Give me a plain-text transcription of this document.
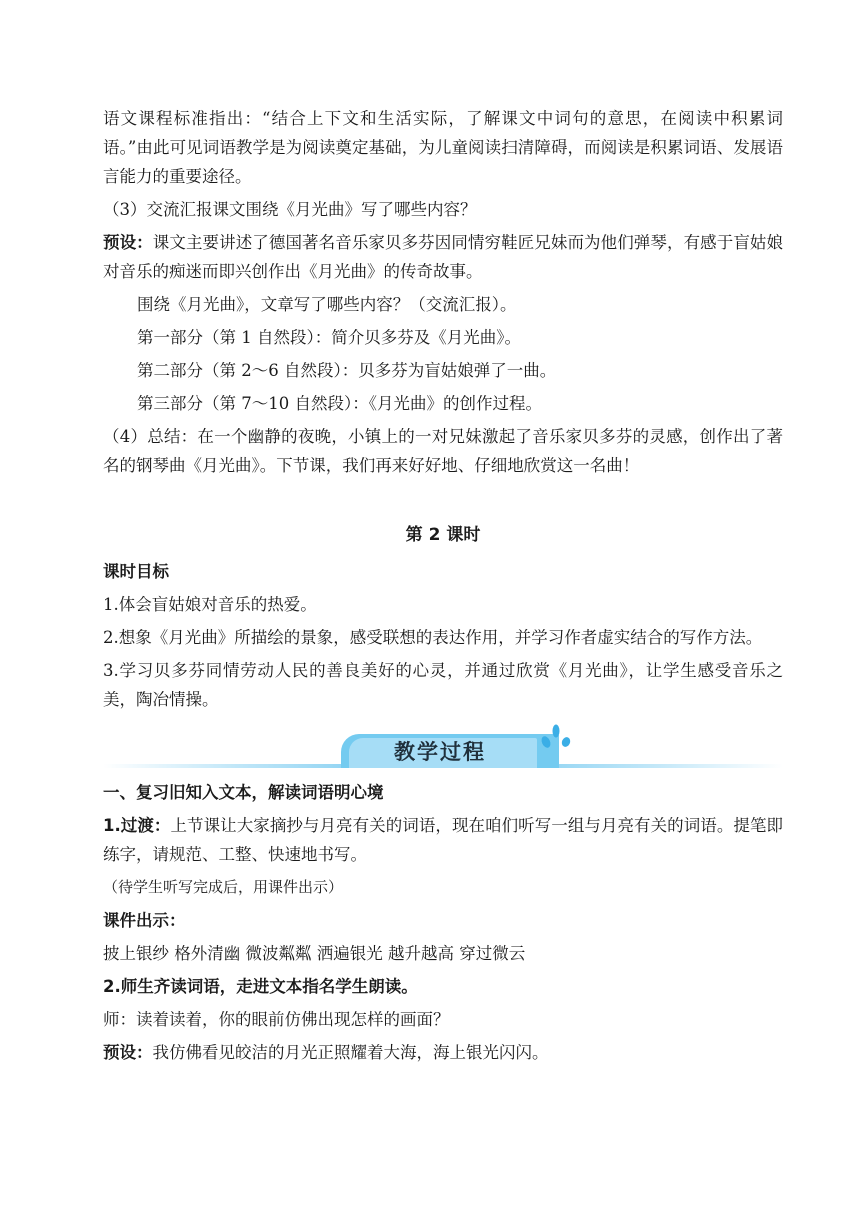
语文课程标准指出：“结合上下文和生活实际，了解课文中词句的意思，在阅读中积累词语。”由此可见词语教学是为阅读奠定基础，为儿童阅读扫清障碍，而阅读是积累词语、发展语言能力的重要途径。

（3）交流汇报课文围绕《月光曲》写了哪些内容？

预设：课文主要讲述了德国著名音乐家贝多芬因同情穷鞋匠兄妹而为他们弹琴，有感于盲姑娘对音乐的痴迷而即兴创作出《月光曲》的传奇故事。

围绕《月光曲》，文章写了哪些内容？（交流汇报）。

第一部分（第 1 自然段）：简介贝多芬及《月光曲》。

第二部分（第 2～6 自然段）：贝多芬为盲姑娘弹了一曲。

第三部分（第 7～10 自然段）：《月光曲》的创作过程。

（4）总结：在一个幽静的夜晚，小镇上的一对兄妹激起了音乐家贝多芬的灵感，创作出了著名的钢琴曲《月光曲》。下节课，我们再来好好地、仔细地欣赏这一名曲！

第 2 课时

课时目标

1.体会盲姑娘对音乐的热爱。

2.想象《月光曲》所描绘的景象，感受联想的表达作用，并学习作者虚实结合的写作方法。

3.学习贝多芬同情劳动人民的善良美好的心灵，并通过欣赏《月光曲》，让学生感受音乐之美，陶冶情操。

教学过程

一、复习旧知入文本，解读词语明心境

1.过渡：上节课让大家摘抄与月亮有关的词语，现在咱们听写一组与月亮有关的词语。提笔即练字，请规范、工整、快速地书写。

（待学生听写完成后，用课件出示）

课件出示：

披上银纱 格外清幽 微波粼粼 洒遍银光 越升越高 穿过微云

2.师生齐读词语，走进文本指名学生朗读。

师：读着读着，你的眼前仿佛出现怎样的画面？

预设：我仿佛看见皎洁的月光正照耀着大海，海上银光闪闪。
